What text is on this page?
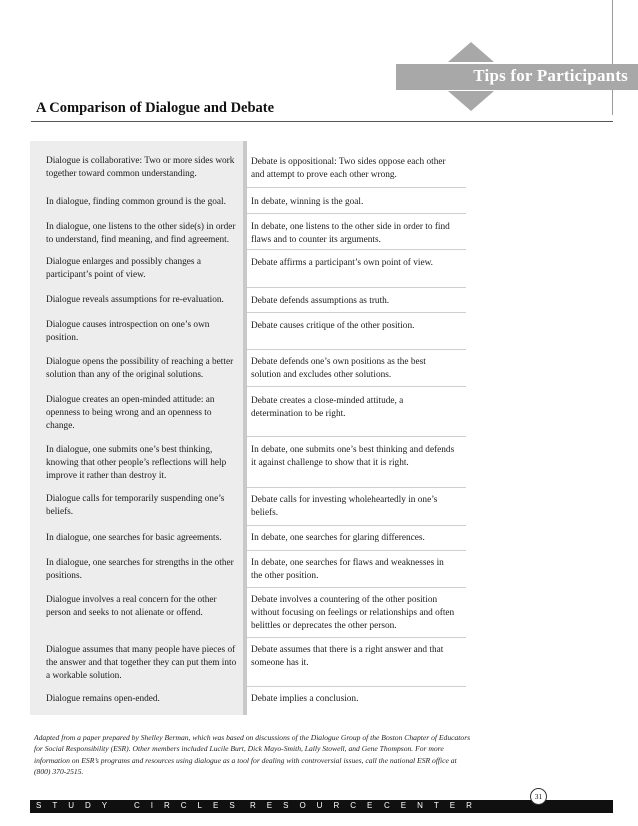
Tips for Participants
A Comparison of Dialogue and Debate
Dialogue is collaborative: Two or more sides work together toward common understanding.
In dialogue, finding common ground is the goal.
In dialogue, one listens to the other side(s) in order to understand, find meaning, and find agreement.
Dialogue enlarges and possibly changes a participant’s point of view.
Dialogue reveals assumptions for re-evaluation.
Dialogue causes introspection on one’s own position.
Dialogue opens the possibility of reaching a better solution than any of the original solutions.
Dialogue creates an open-minded attitude: an openness to being wrong and an openness to change.
In dialogue, one submits one’s best thinking, knowing that other people’s reflections will help improve it rather than destroy it.
Dialogue calls for temporarily suspending one’s beliefs.
In dialogue, one searches for basic agreements.
In dialogue, one searches for strengths in the other positions.
Dialogue involves a real concern for the other person and seeks to not alienate or offend.
Dialogue assumes that many people have pieces of the answer and that together they can put them into a workable solution.
Dialogue remains open-ended.
Debate is oppositional: Two sides oppose each other and attempt to prove each other wrong.
In debate, winning is the goal.
In debate, one listens to the other side in order to find flaws and to counter its arguments.
Debate affirms a participant’s own point of view.
Debate defends assumptions as truth.
Debate causes critique of the other position.
Debate defends one’s own positions as the best solution and excludes other solutions.
Debate creates a close-minded attitude, a determination to be right.
In debate, one submits one’s best thinking and defends it against challenge to show that it is right.
Debate calls for investing wholeheartedly in one’s beliefs.
In debate, one searches for glaring differences.
In debate, one searches for flaws and weaknesses in the other position.
Debate involves a countering of the other position without focusing on feelings or relationships and often belittles or deprecates the other person.
Debate assumes that there is a right answer and that someone has it.
Debate implies a conclusion.
Adapted from a paper prepared by Shelley Berman, which was based on discussions of the Dialogue Group of the Boston Chapter of Educators for Social Responsibility (ESR). Other members included Lucile Burt, Dick Mayo-Smith, Lally Stowell, and Gene Thompson. For more information on ESR’s programs and resources using dialogue as a tool for dealing with controversial issues, call the national ESR office at (800) 370-2515.
STUDY CIRCLES RESOURCE CENTER
31
